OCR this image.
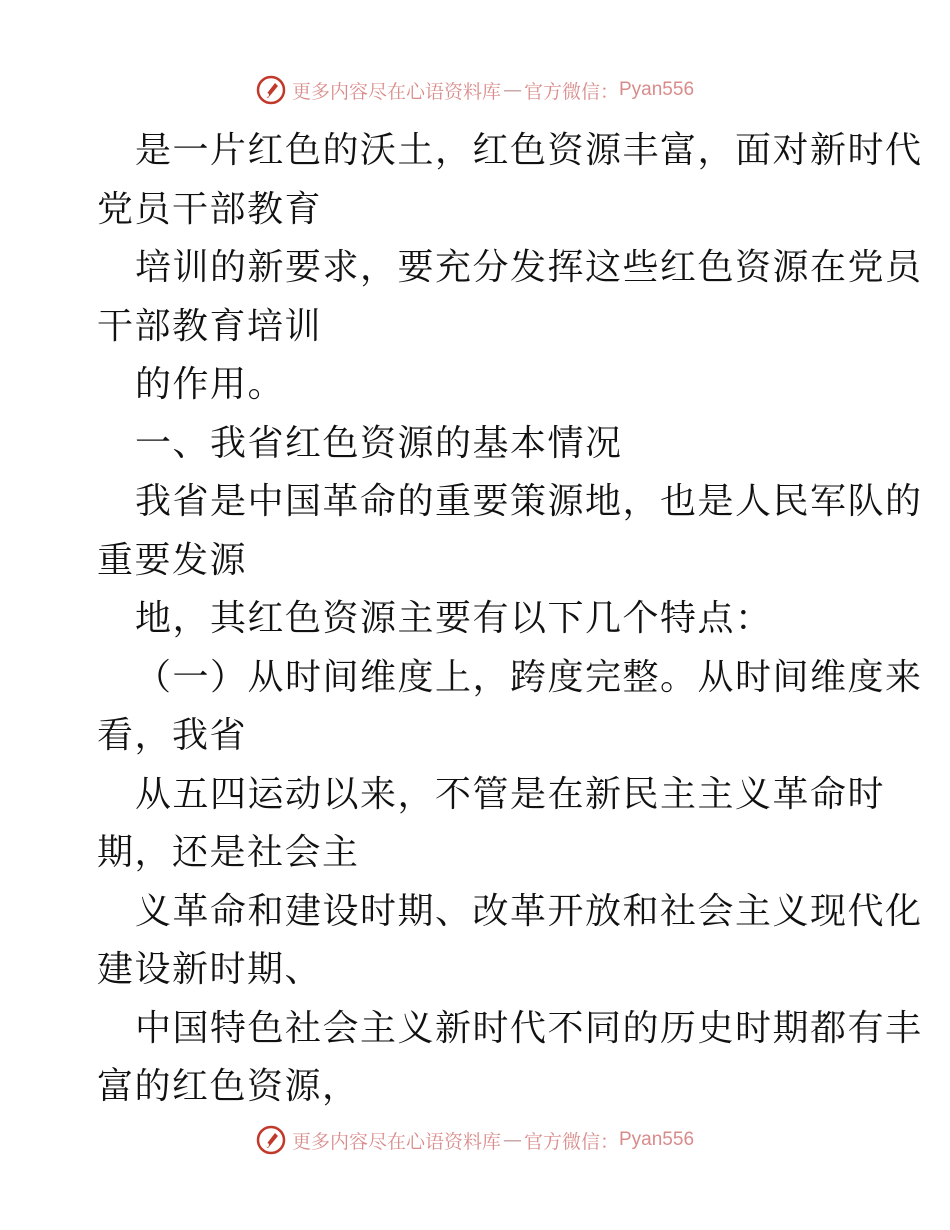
更多内容尽在心语资料库 — 官方微信： Pyan556
是一片红色的沃土，红色资源丰富，面对新时代
党员干部教育
培训的新要求，要充分发挥这些红色资源在党员
干部教育培训
的作用。
一、我省红色资源的基本情况
我省是中国革命的重要策源地，也是人民军队的
重要发源
地，其红色资源主要有以下几个特点：
（一）从时间维度上，跨度完整。从时间维度来
看，我省
从五四运动以来，不管是在新民主主义革命时
期，还是社会主
义革命和建设时期、改革开放和社会主义现代化
建设新时期、
中国特色社会主义新时代不同的历史时期都有丰
富的红色资源，
更多内容尽在心语资料库 — 官方微信： Pyan556
